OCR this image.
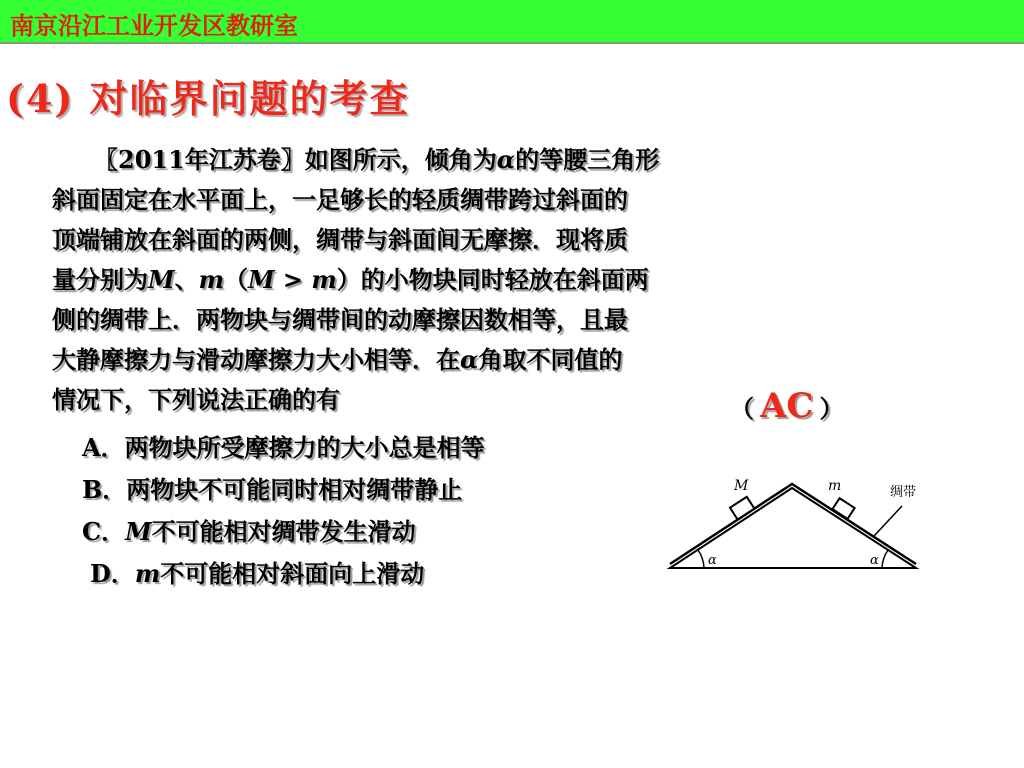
南京沿江工业开发区教研室
(4) 对临界问题的考查
〖2011年江苏卷〗如图所示，倾角为α的等腰三角形
斜面固定在水平面上，一足够长的轻质绸带跨过斜面的
顶端铺放在斜面的两侧，绸带与斜面间无摩擦．现将质
量分别为M、m（M > m）的小物块同时轻放在斜面两
侧的绸带上．两物块与绸带间的动摩擦因数相等，且最
大静摩擦力与滑动摩擦力大小相等．在α角取不同值的
情况下，下列说法正确的有	（ AC ）
A．两物块所受摩擦力的大小总是相等
B．两物块不可能同时相对绸带静止
C．M不可能相对绸带发生滑动
D．m不可能相对斜面向上滑动
M	m	绸带
α	α
